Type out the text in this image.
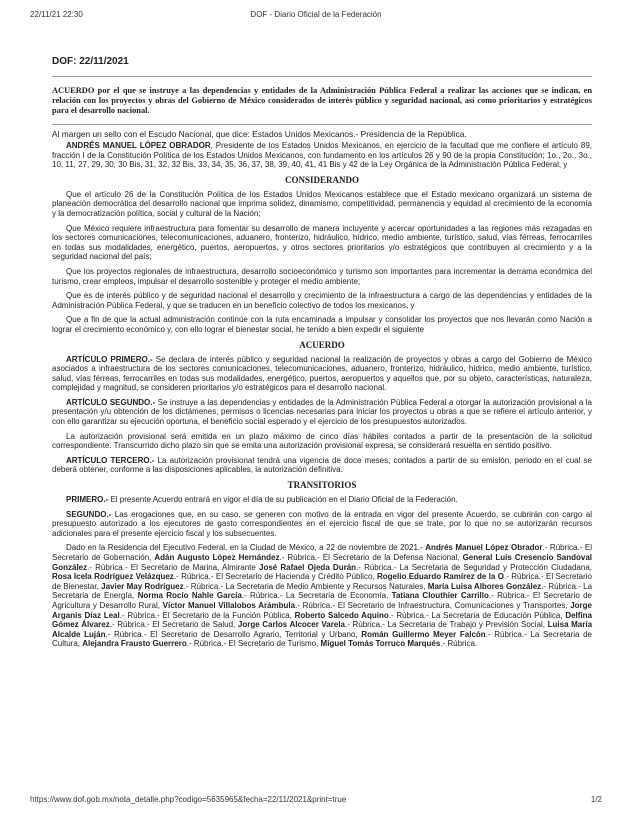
22/11/21 22:30	DOF - Diario Oficial de la Federación
DOF: 22/11/2021
ACUERDO por el que se instruye a las dependencias y entidades de la Administración Pública Federal a realizar las acciones que se indican, en relación con los proyectos y obras del Gobierno de México considerados de interés público y seguridad nacional, así como prioritarios y estratégicos para el desarrollo nacional.
Al margen un sello con el Escudo Nacional, que dice: Estados Unidos Mexicanos.- Presidencia de la República.

ANDRÉS MANUEL LÓPEZ OBRADOR, Presidente de los Estados Unidos Mexicanos, en ejercicio de la facultad que me confiere el artículo 89, fracción I de la Constitución Política de los Estados Unidos Mexicanos, con fundamento en los artículos 26 y 90 de la propia Constitución; 1o., 2o., 3o., 10, 11, 27, 29, 30, 30 Bis, 31, 32, 32 Bis, 33, 34, 35, 36, 37, 38, 39, 40, 41, 41 Bis y 42 de la Ley Orgánica de la Administración Pública Federal, y

CONSIDERANDO

Que el artículo 26 de la Constitución Política de los Estados Unidos Mexicanos establece que el Estado mexicano organizará un sistema de planeación democrática del desarrollo nacional que imprima solidez, dinamismo, competitividad, permanencia y equidad al crecimiento de la economía y la democratización política, social y cultural de la Nación;

Que México requiere infraestructura para fomentar su desarrollo de manera incluyente y acercar oportunidades a las regiones más rezagadas en los sectores comunicaciones, telecomunicaciones, aduanero, fronterizo, hidráulico, hídrico, medio ambiente, turístico, salud, vías férreas, ferrocarriles en todas sus modalidades, energético, puertos, aeropuertos, y otros sectores prioritarios y/o estratégicos que contribuyen al crecimiento y a la seguridad nacional del país;

Que los proyectos regionales de infraestructura, desarrollo socioeconómico y turismo son importantes para incrementar la derrama económica del turismo, crear empleos, impulsar el desarrollo sostenible y proteger el medio ambiente;

Que es de interés público y de seguridad nacional el desarrollo y crecimiento de la infraestructura a cargo de las dependencias y entidades de la Administración Pública Federal, y que se traducen en un beneficio colectivo de todos los mexicanos, y

Que a fin de que la actual administración continúe con la ruta encaminada a impulsar y consolidar los proyectos que nos llevarán como Nación a lograr el crecimiento económico y, con ello lograr el bienestar social, he tenido a bien expedir el siguiente

ACUERDO

ARTÍCULO PRIMERO.- Se declara de interés público y seguridad nacional la realización de proyectos y obras a cargo del Gobierno de México asociados a infraestructura de los sectores comunicaciones, telecomunicaciones, aduanero, fronterizo, hidráulico, hídrico, medio ambiente, turístico, salud, vías férreas, ferrocarriles en todas sus modalidades, energético, puertos, aeropuertos y aquellos que, por su objeto, características, naturaleza, complejidad y magnitud, se consideren prioritarios y/o estratégicos para el desarrollo nacional.

ARTÍCULO SEGUNDO.- Se instruye a las dependencias y entidades de la Administración Pública Federal a otorgar la autorización provisional a la presentación y/u obtención de los dictámenes, permisos o licencias necesarias para iniciar los proyectos u obras a que se refiere el artículo anterior, y con ello garantizar su ejecución oportuna, el beneficio social esperado y el ejercicio de los presupuestos autorizados.

La autorización provisional será emitida en un plazo máximo de cinco días hábiles contados a partir de la presentación de la solicitud correspondiente. Transcurrido dicho plazo sin que se emita una autorización provisional expresa, se considerará resuelta en sentido positivo.

ARTÍCULO TERCERO.- La autorización provisional tendrá una vigencia de doce meses, contados a partir de su emisión, periodo en el cual se deberá obtener, conforme a las disposiciones aplicables, la autorización definitiva.

TRANSITORIOS

PRIMERO.- El presente Acuerdo entrará en vigor el día de su publicación en el Diario Oficial de la Federación.

SEGUNDO.- Las erogaciones que, en su caso, se generen con motivo de la entrada en vigor del presente Acuerdo, se cubrirán con cargo al presupuesto autorizado a los ejecutores de gasto correspondientes en el ejercicio fiscal de que se trate, por lo que no se autorizarán recursos adicionales para el presente ejercicio fiscal y los subsecuentes.

Dado en la Residencia del Ejecutivo Federal, en la Ciudad de México, a 22 de noviembre de 2021.- Andrés Manuel López Obrador.- Rúbrica.- El Secretario de Gobernación, Adán Augusto López Hernández.- Rúbrica.- El Secretario de la Defensa Nacional, General Luis Cresencio Sandoval González.- Rúbrica.- El Secretario de Marina, Almirante José Rafael Ojeda Durán.- Rúbrica.- La Secretaria de Seguridad y Protección Ciudadana, Rosa Icela Rodríguez Velázquez.- Rúbrica.- El Secretario de Hacienda y Crédito Público, Rogelio Eduardo Ramírez de la O.- Rúbrica.- El Secretario de Bienestar, Javier May Rodríguez.- Rúbrica.- La Secretaria de Medio Ambiente y Recursos Naturales, María Luisa Albores González.- Rúbrica.- La Secretaria de Energía, Norma Rocío Nahle García.- Rúbrica.- La Secretaria de Economía, Tatiana Clouthier Carrillo.- Rúbrica.- El Secretario de Agricultura y Desarrollo Rural, Víctor Manuel Villalobos Arámbula.- Rúbrica.- El Secretario de Infraestructura, Comunicaciones y Transportes, Jorge Arganis Díaz Leal.- Rúbrica.- El Secretario de la Función Pública, Roberto Salcedo Aquino.- Rúbrica.- La Secretaria de Educación Pública, Delfina Gómez Álvarez.- Rúbrica.- El Secretario de Salud, Jorge Carlos Alcocer Varela.- Rúbrica.- La Secretaria de Trabajo y Previsión Social, Luisa María Alcalde Luján.- Rúbrica.- El Secretario de Desarrollo Agrario, Territorial y Urbano, Román Guillermo Meyer Falcón.- Rúbrica.- La Secretaria de Cultura, Alejandra Frausto Guerrero.- Rúbrica.- El Secretario de Turismo, Miguel Tomás Torruco Marqués.- Rúbrica.

https://www.dof.gob.mx/nota_detalle.php?codigo=5635965&fecha=22/11/2021&print=true	1/2
